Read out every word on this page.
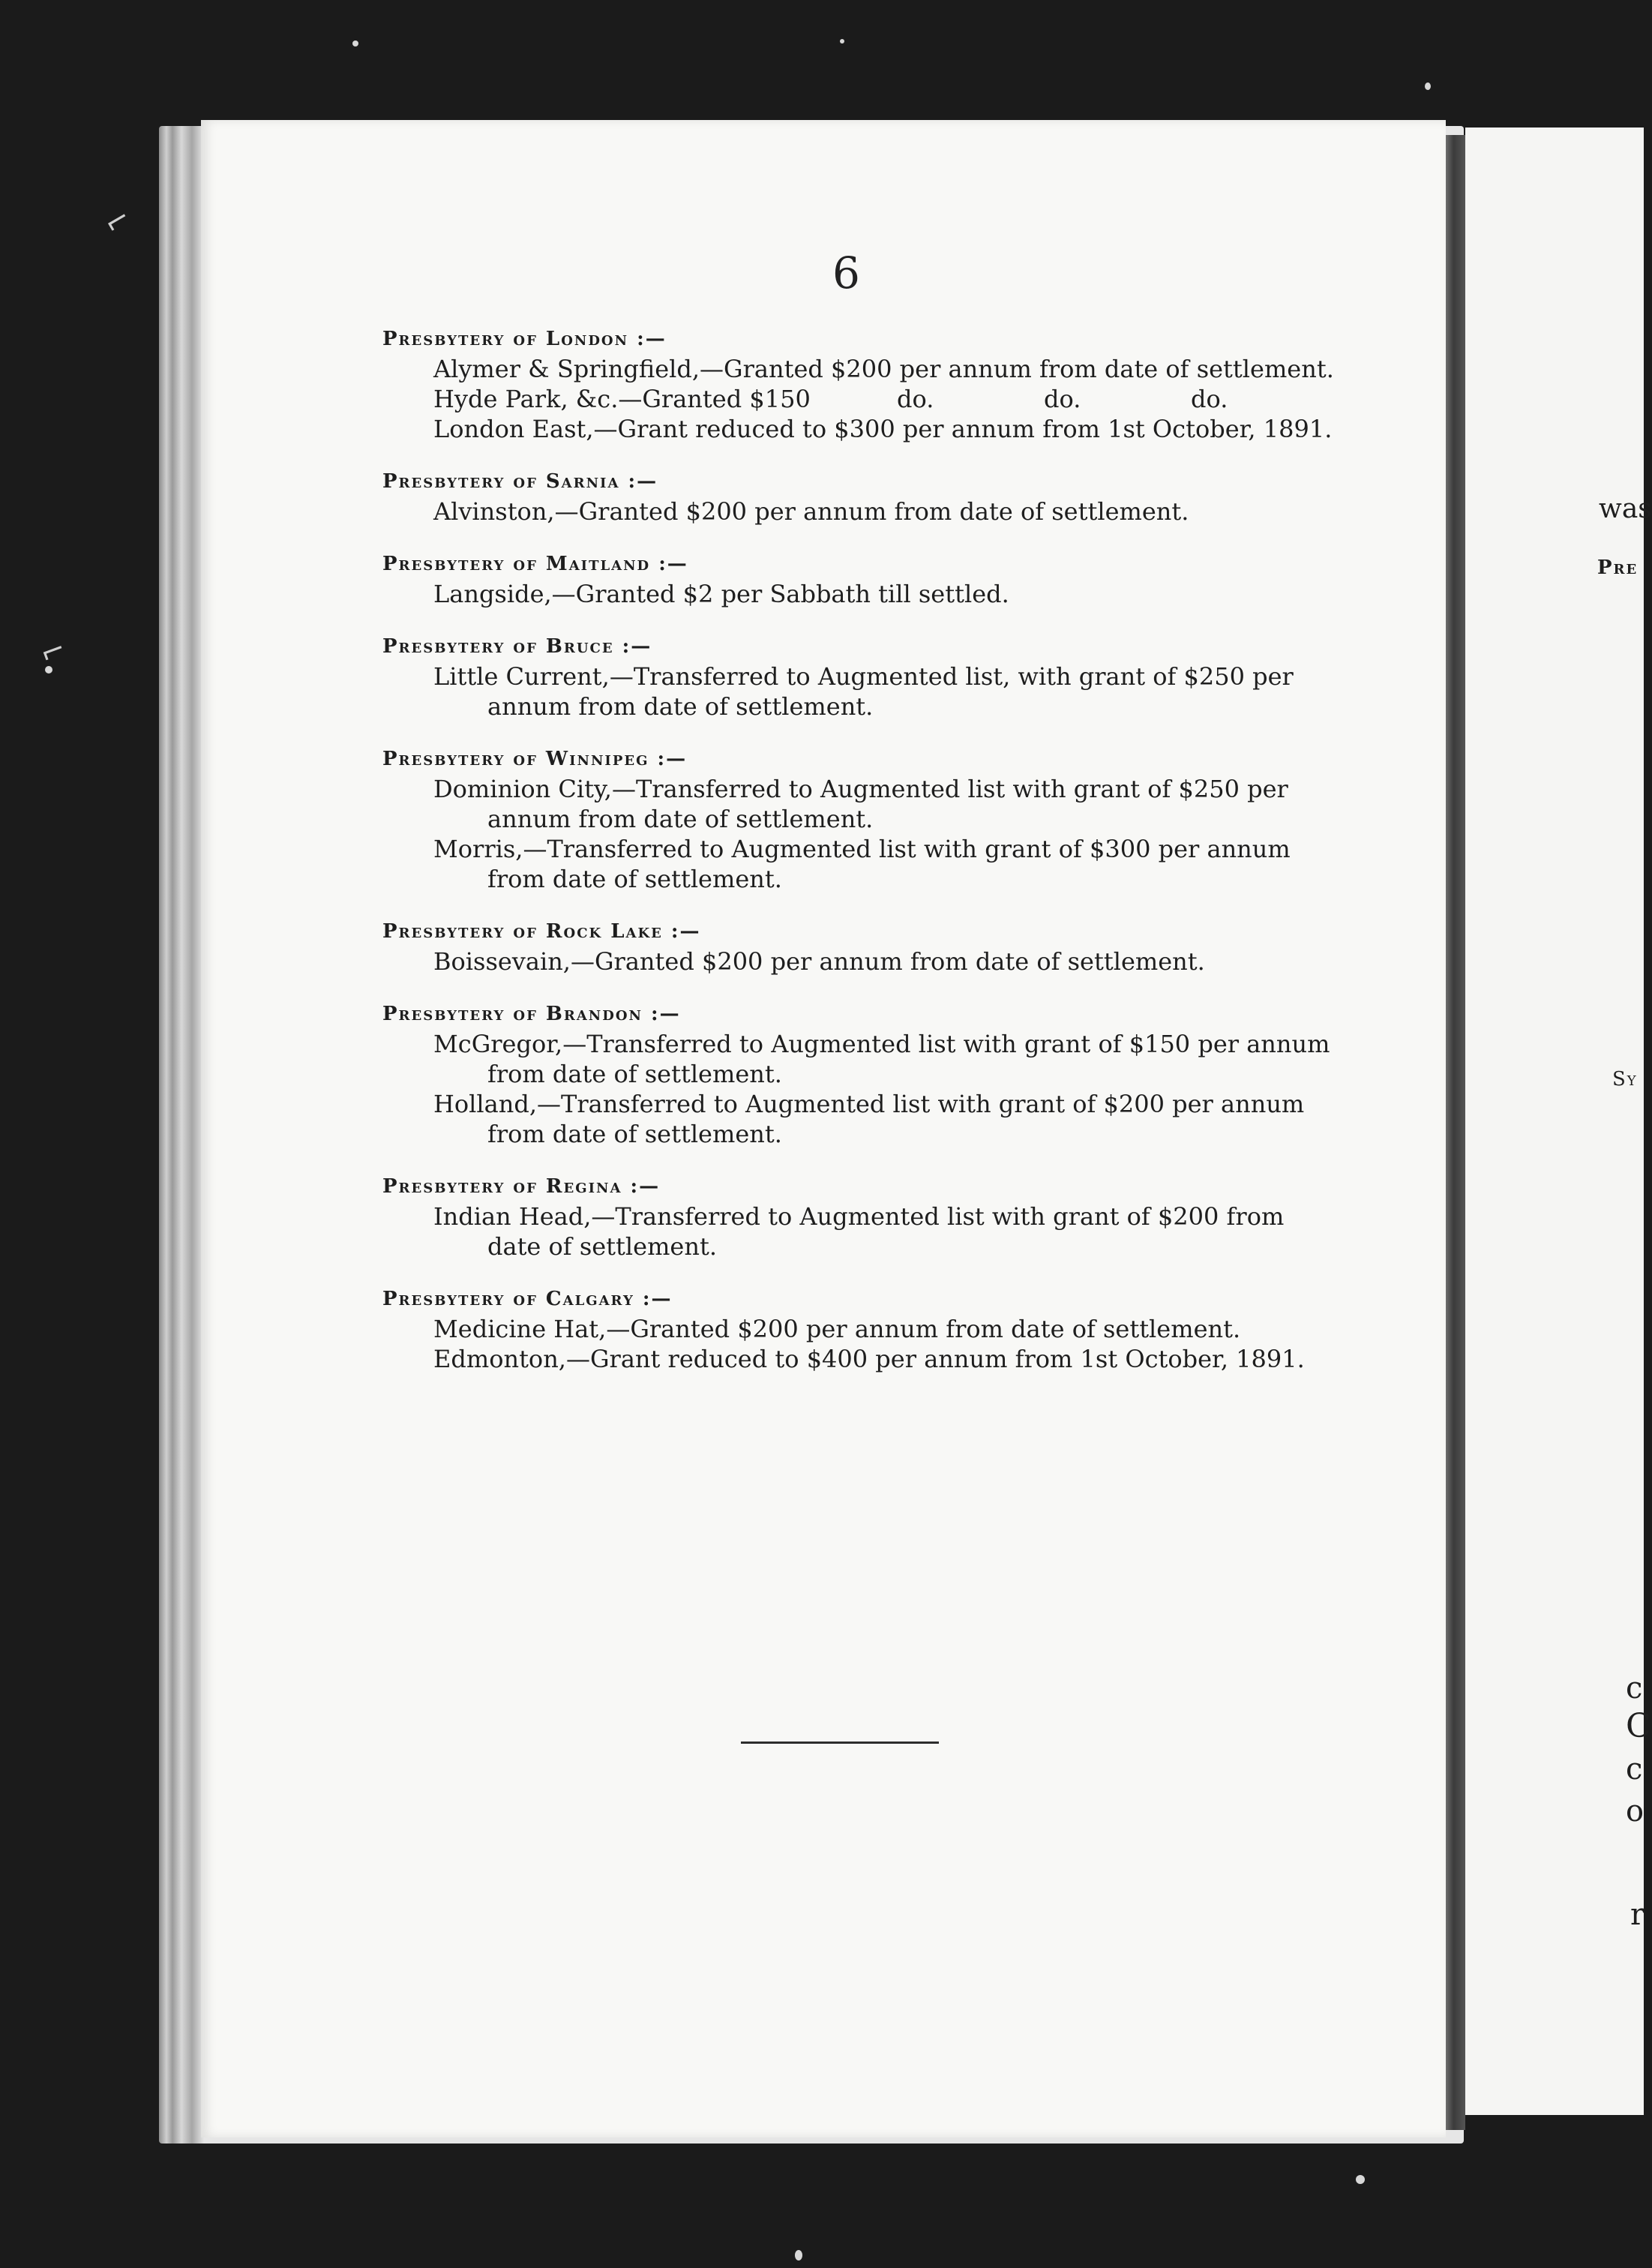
6
Presbytery of London :—
Alymer & Springfield,—Granted $200 per annum from date of settlement.
Hyde Park, &c.—Granted $150	do.	do.	do.
London East,—Grant reduced to $300 per annum from 1st October, 1891.
Presbytery of Sarnia :—
Alvinston,—Granted $200 per annum from date of settlement.
Presbytery of Maitland :—
Langside,—Granted $2 per Sabbath till settled.
Presbytery of Bruce :—
Little Current,—Transferred to Augmented list, with grant of $250 per annum from date of settlement.
Presbytery of Winnipeg :—
Dominion City,—Transferred to Augmented list with grant of $250 per annum from date of settlement.
Morris,—Transferred to Augmented list with grant of $300 per annum from date of settlement.
Presbytery of Rock Lake :—
Boissevain,—Granted $200 per annum from date of settlement.
Presbytery of Brandon :—
McGregor,—Transferred to Augmented list with grant of $150 per annum from date of settlement.
Holland,—Transferred to Augmented list with grant of $200 per annum from date of settlement.
Presbytery of Regina :—
Indian Head,—Transferred to Augmented list with grant of $200 from date of settlement.
Presbytery of Calgary :—
Medicine Hat,—Granted $200 per annum from date of settlement.
Edmonton,—Grant reduced to $400 per annum from 1st October, 1891.
was
Pre
Sy
c
C
c
o
r
⌐
⌐
